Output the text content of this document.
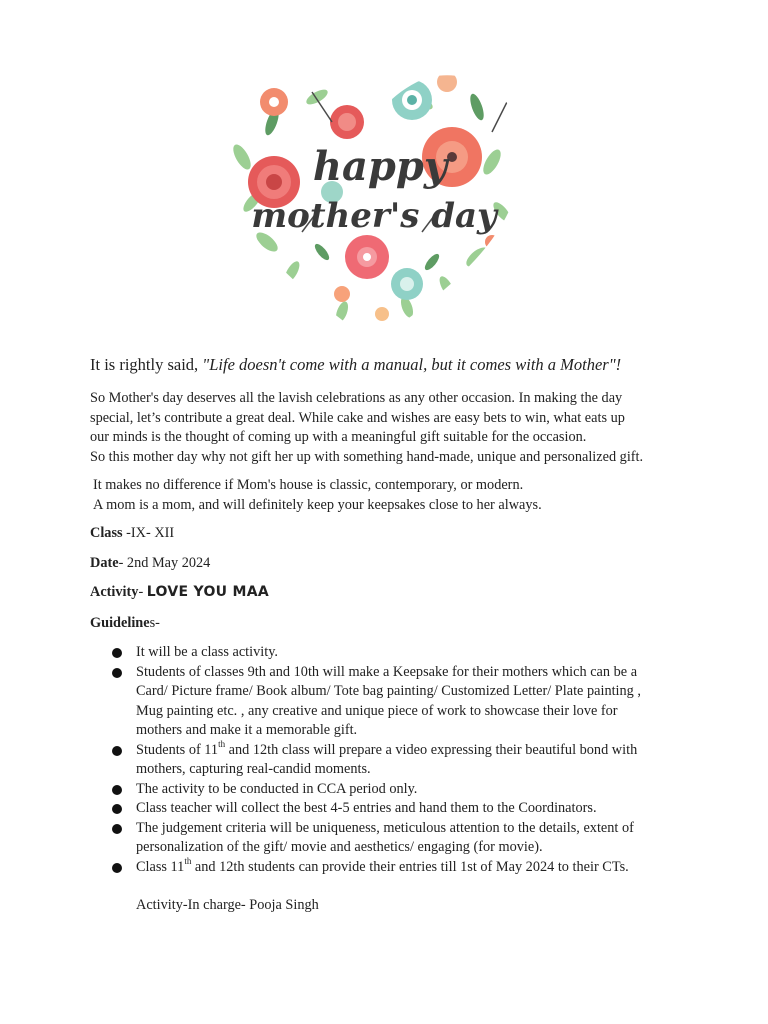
happy
mother's day
It is rightly said, "Life doesn't come with a manual, but it comes with a Mother"!

So Mother's day deserves all the lavish celebrations as any other occasion. In making the day

special, let’s contribute a great deal. While cake and wishes are easy bets to win, what eats up

our minds is the thought of coming up with a meaningful gift suitable for the occasion.

So this mother day why not gift her up with something hand-made, unique and personalized gift.

It makes no difference if Mom's house is classic, contemporary, or modern.

A mom is a mom, and will definitely keep your keepsakes close to her always.

Class -IX- XII
Date- 2nd May 2024
Activity- LOVE YOU MAA
Guidelines-
It will be a class activity.
Students of classes 9th and 10th will make a Keepsake for their mothers which can be a
Card/ Picture frame/ Book album/ Tote bag painting/ Customized Letter/ Plate painting ,
Mug painting etc. , any creative and unique piece of work to showcase their love for
mothers and make it a memorable gift.
Students of 11th and 12th class will prepare a video expressing their beautiful bond with
mothers, capturing real-candid moments.
The activity to be conducted in CCA period only.
Class teacher will collect the best 4-5 entries and hand them to the Coordinators.
The judgement criteria will be uniqueness, meticulous attention to the details, extent of
personalization of the gift/ movie and aesthetics/ engaging (for movie).
Class 11th and 12th students can provide their entries till 1st of May 2024 to their CTs.
Activity-In charge- Pooja Singh
